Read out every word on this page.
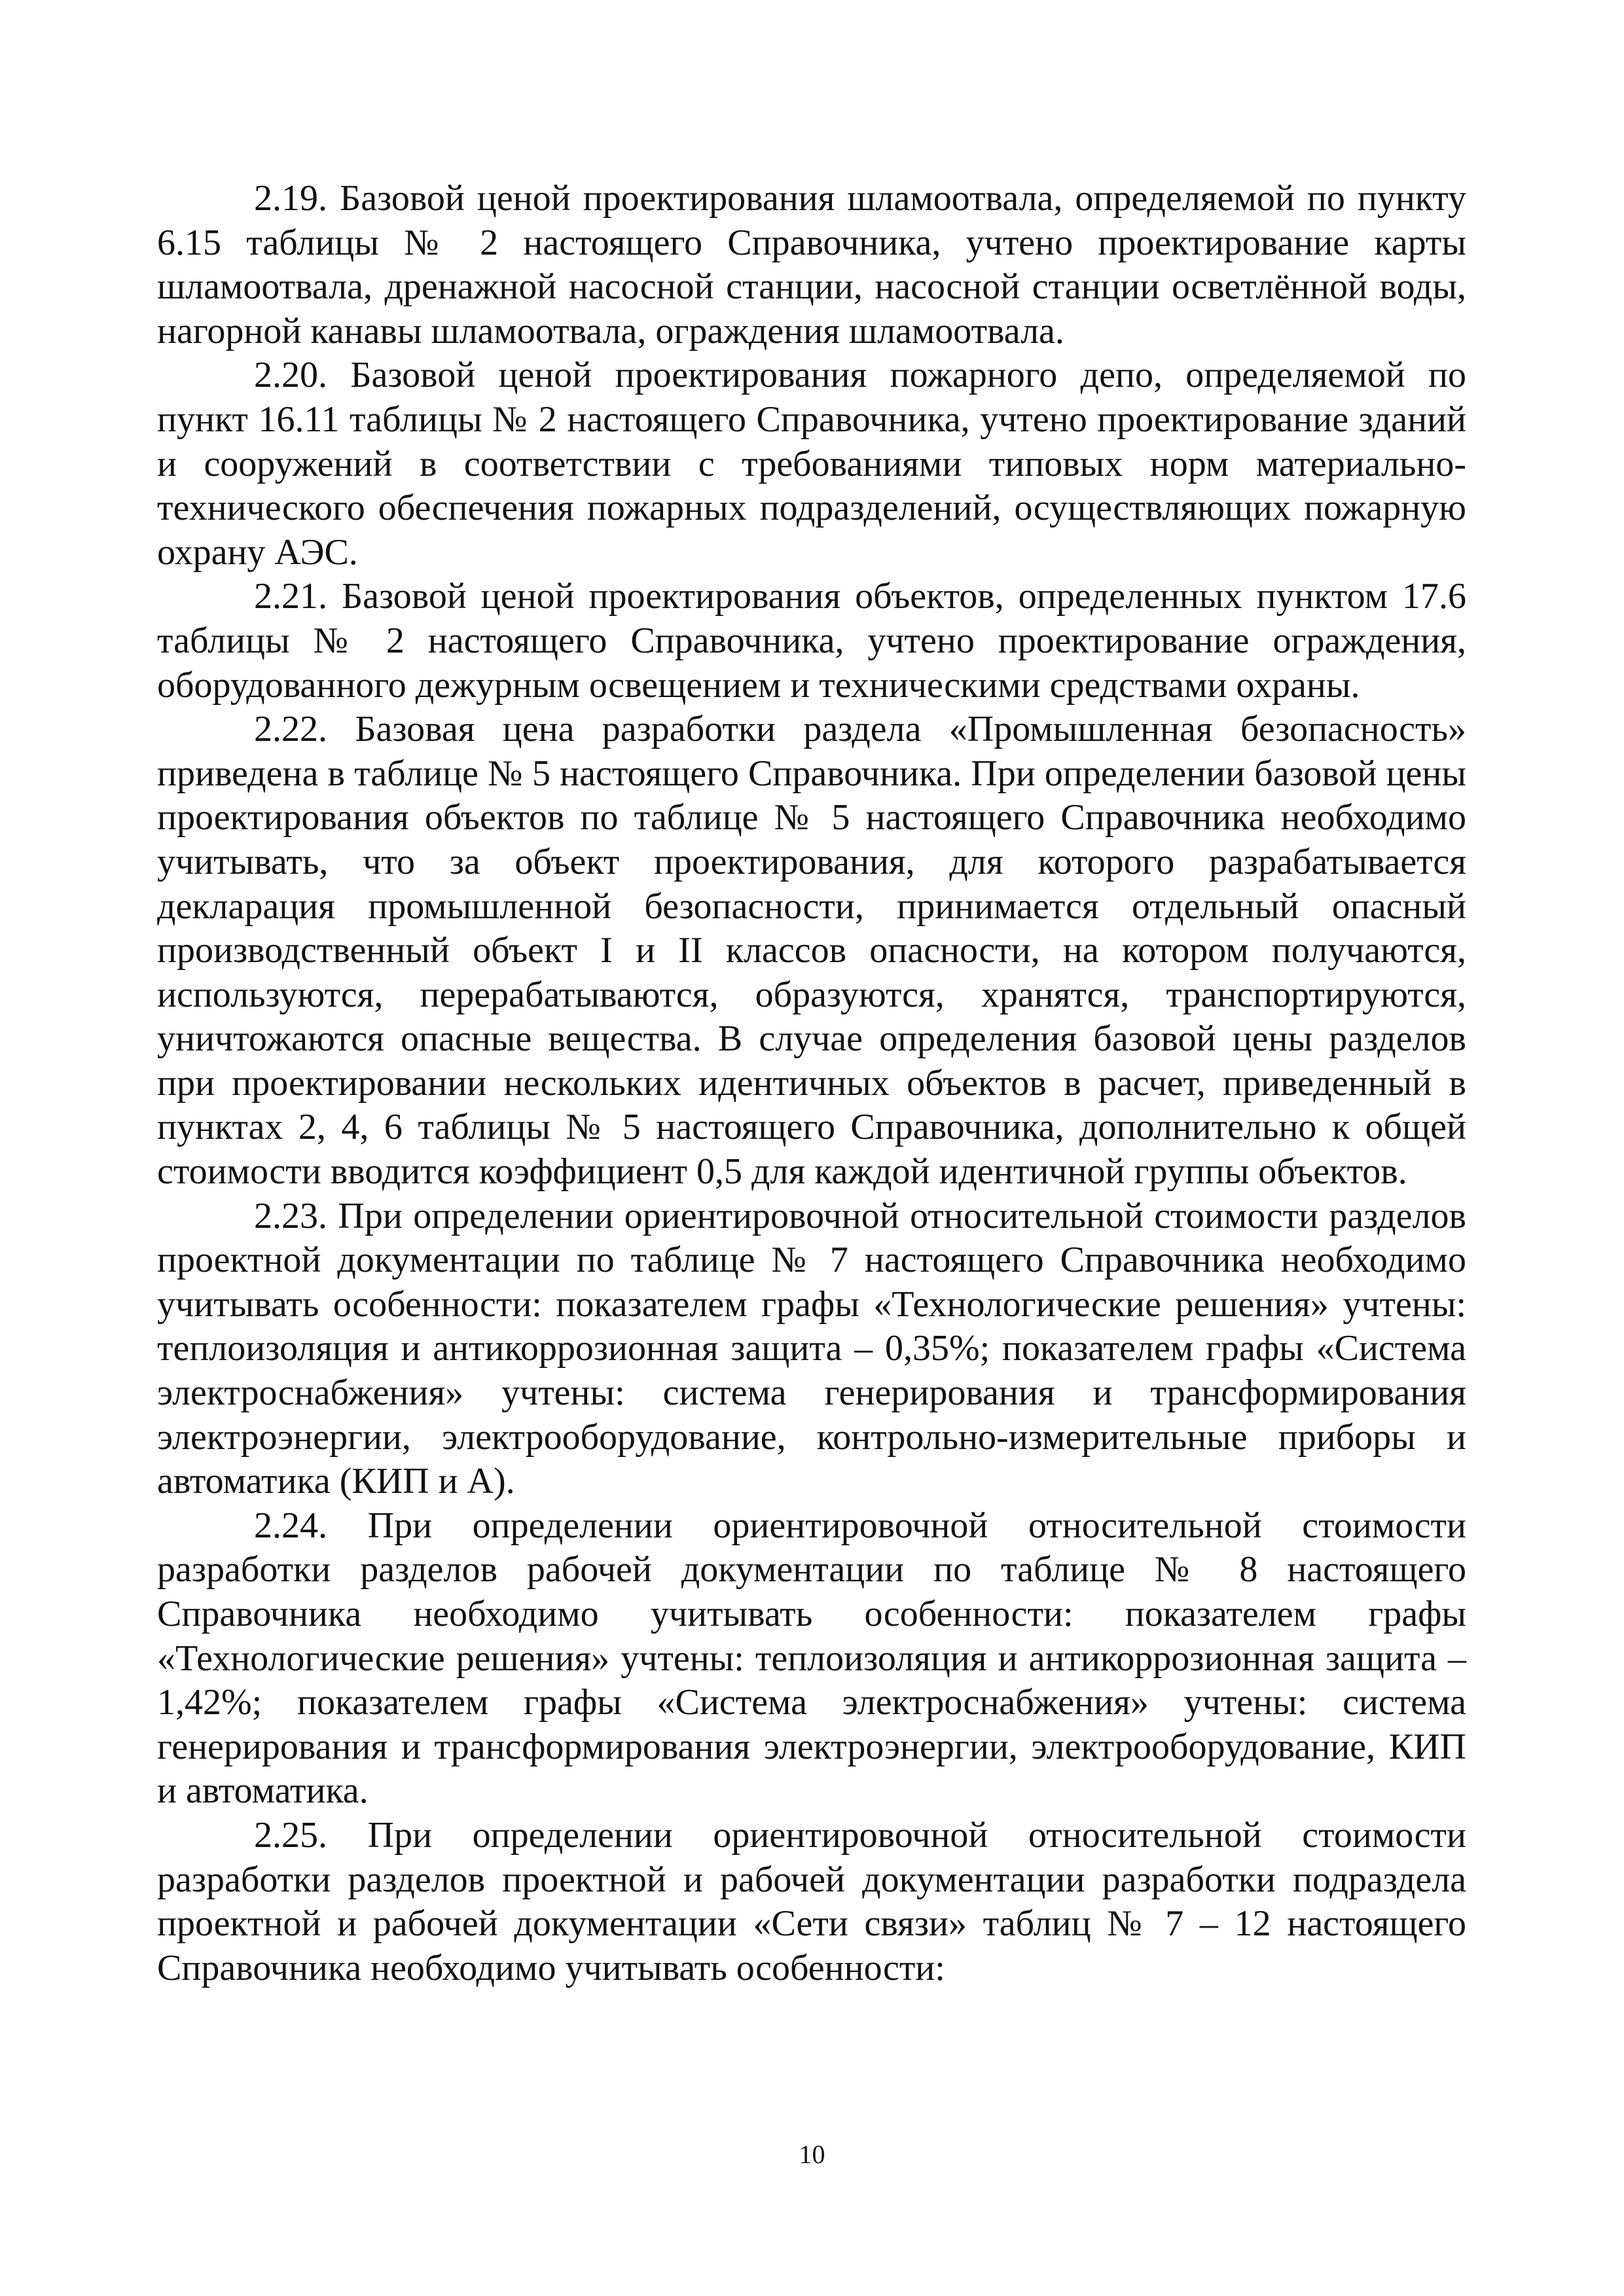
2.19. Базовой ценой проектирования шламоотвала, определяемой по пункту 6.15 таблицы № 2 настоящего Справочника, учтено проектирование карты шламоотвала, дренажной насосной станции, насосной станции осветлённой воды, нагорной канавы шламоотвала, ограждения шламоотвала.

2.20. Базовой ценой проектирования пожарного депо, определяемой по пункт 16.11 таблицы № 2 настоящего Справочника, учтено проектирование зданий и сооружений в соответствии с требованиями типовых норм материально-технического обеспечения пожарных подразделений, осуществляющих пожарную охрану АЭС.

2.21. Базовой ценой проектирования объектов, определенных пунктом 17.6 таблицы № 2 настоящего Справочника, учтено проектирование ограждения, оборудованного дежурным освещением и техническими средствами охраны.

2.22. Базовая цена разработки раздела «Промышленная безопасность» приведена в таблице № 5 настоящего Справочника. При определении базовой цены проектирования объектов по таблице № 5 настоящего Справочника необходимо учитывать, что за объект проектирования, для которого разрабатывается декларация промышленной безопасности, принимается отдельный опасный производственный объект I и II классов опасности, на котором получаются, используются, перерабатываются, образуются, хранятся, транспортируются, уничтожаются опасные вещества. В случае определения базовой цены разделов при проектировании нескольких идентичных объектов в расчет, приведенный в пунктах 2, 4, 6 таблицы № 5 настоящего Справочника, дополнительно к общей стоимости вводится коэффициент 0,5 для каждой идентичной группы объектов.

2.23. При определении ориентировочной относительной стоимости разделов проектной документации по таблице № 7 настоящего Справочника необходимо учитывать особенности: показателем графы «Технологические решения» учтены: теплоизоляция и антикоррозионная защита – 0,35%; показателем графы «Система электроснабжения» учтены: система генерирования и трансформирования электроэнергии, электрооборудование, контрольно-измерительные приборы и автоматика (КИП и А).

2.24. При определении ориентировочной относительной стоимости разработки разделов рабочей документации по таблице № 8 настоящего Справочника необходимо учитывать особенности: показателем графы «Технологические решения» учтены: теплоизоляция и антикоррозионная защита – 1,42%; показателем графы «Система электроснабжения» учтены: система генерирования и трансформирования электроэнергии, электрооборудование, КИП и автоматика.

2.25. При определении ориентировочной относительной стоимости разработки разделов проектной и рабочей документации разработки подраздела проектной и рабочей документации «Сети связи» таблиц № 7 – 12 настоящего Справочника необходимо учитывать особенности:

10
